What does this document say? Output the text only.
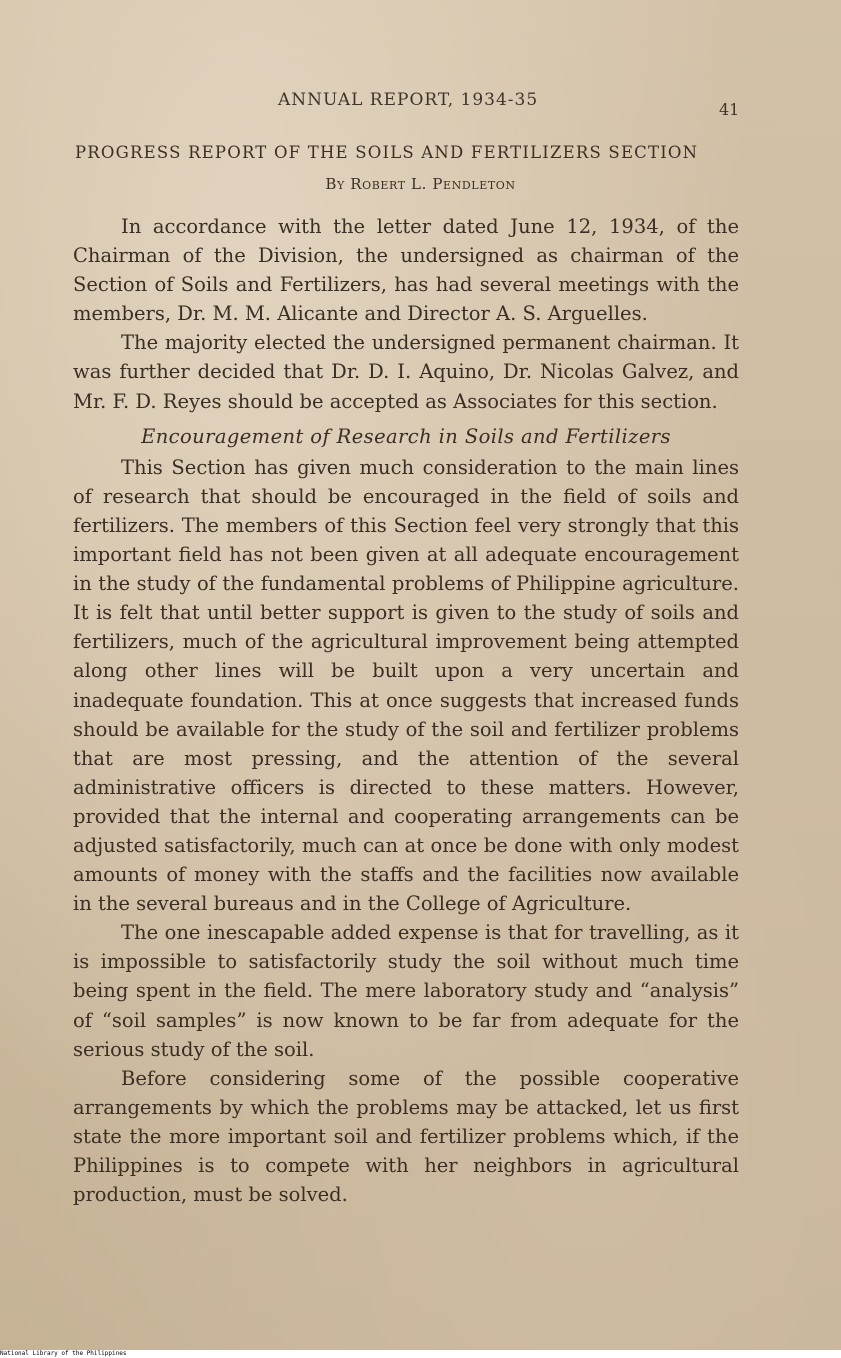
ANNUAL REPORT, 1934-35	41
PROGRESS REPORT OF THE SOILS AND FERTILIZERS SECTION
By Robert L. Pendleton

In accordance with the letter dated June 12, 1934, of the Chairman of the Division, the undersigned as chairman of the Section of Soils and Fertilizers, has had several meetings with the members, Dr. M. M. Alicante and Director A. S. Arguelles.

The majority elected the undersigned permanent chairman. It was further decided that Dr. D. I. Aquino, Dr. Nicolas Galvez, and Mr. F. D. Reyes should be accepted as Associates for this section.

Encouragement of Research in Soils and Fertilizers

This Section has given much consideration to the main lines of research that should be encouraged in the field of soils and fertilizers. The members of this Section feel very strongly that this important field has not been given at all adequate encouragement in the study of the fundamental problems of Philippine agriculture. It is felt that until better support is given to the study of soils and fertilizers, much of the agricultural improvement being attempted along other lines will be built upon a very uncertain and inadequate foundation. This at once suggests that increased funds should be available for the study of the soil and fertilizer problems that are most pressing, and the attention of the several administrative officers is directed to these matters. However, provided that the internal and cooperating arrangements can be adjusted satisfactorily, much can at once be done with only modest amounts of money with the staffs and the facilities now available in the several bureaus and in the College of Agriculture.

The one inescapable added expense is that for travelling, as it is impossible to satisfactorily study the soil without much time being spent in the field. The mere laboratory study and “analysis” of “soil samples” is now known to be far from adequate for the serious study of the soil.

Before considering some of the possible cooperative arrangements by which the problems may be attacked, let us first state the more important soil and fertilizer problems which, if the Philippines is to compete with her neighbors in agricultural production, must be solved.

National Library of the Philippines
